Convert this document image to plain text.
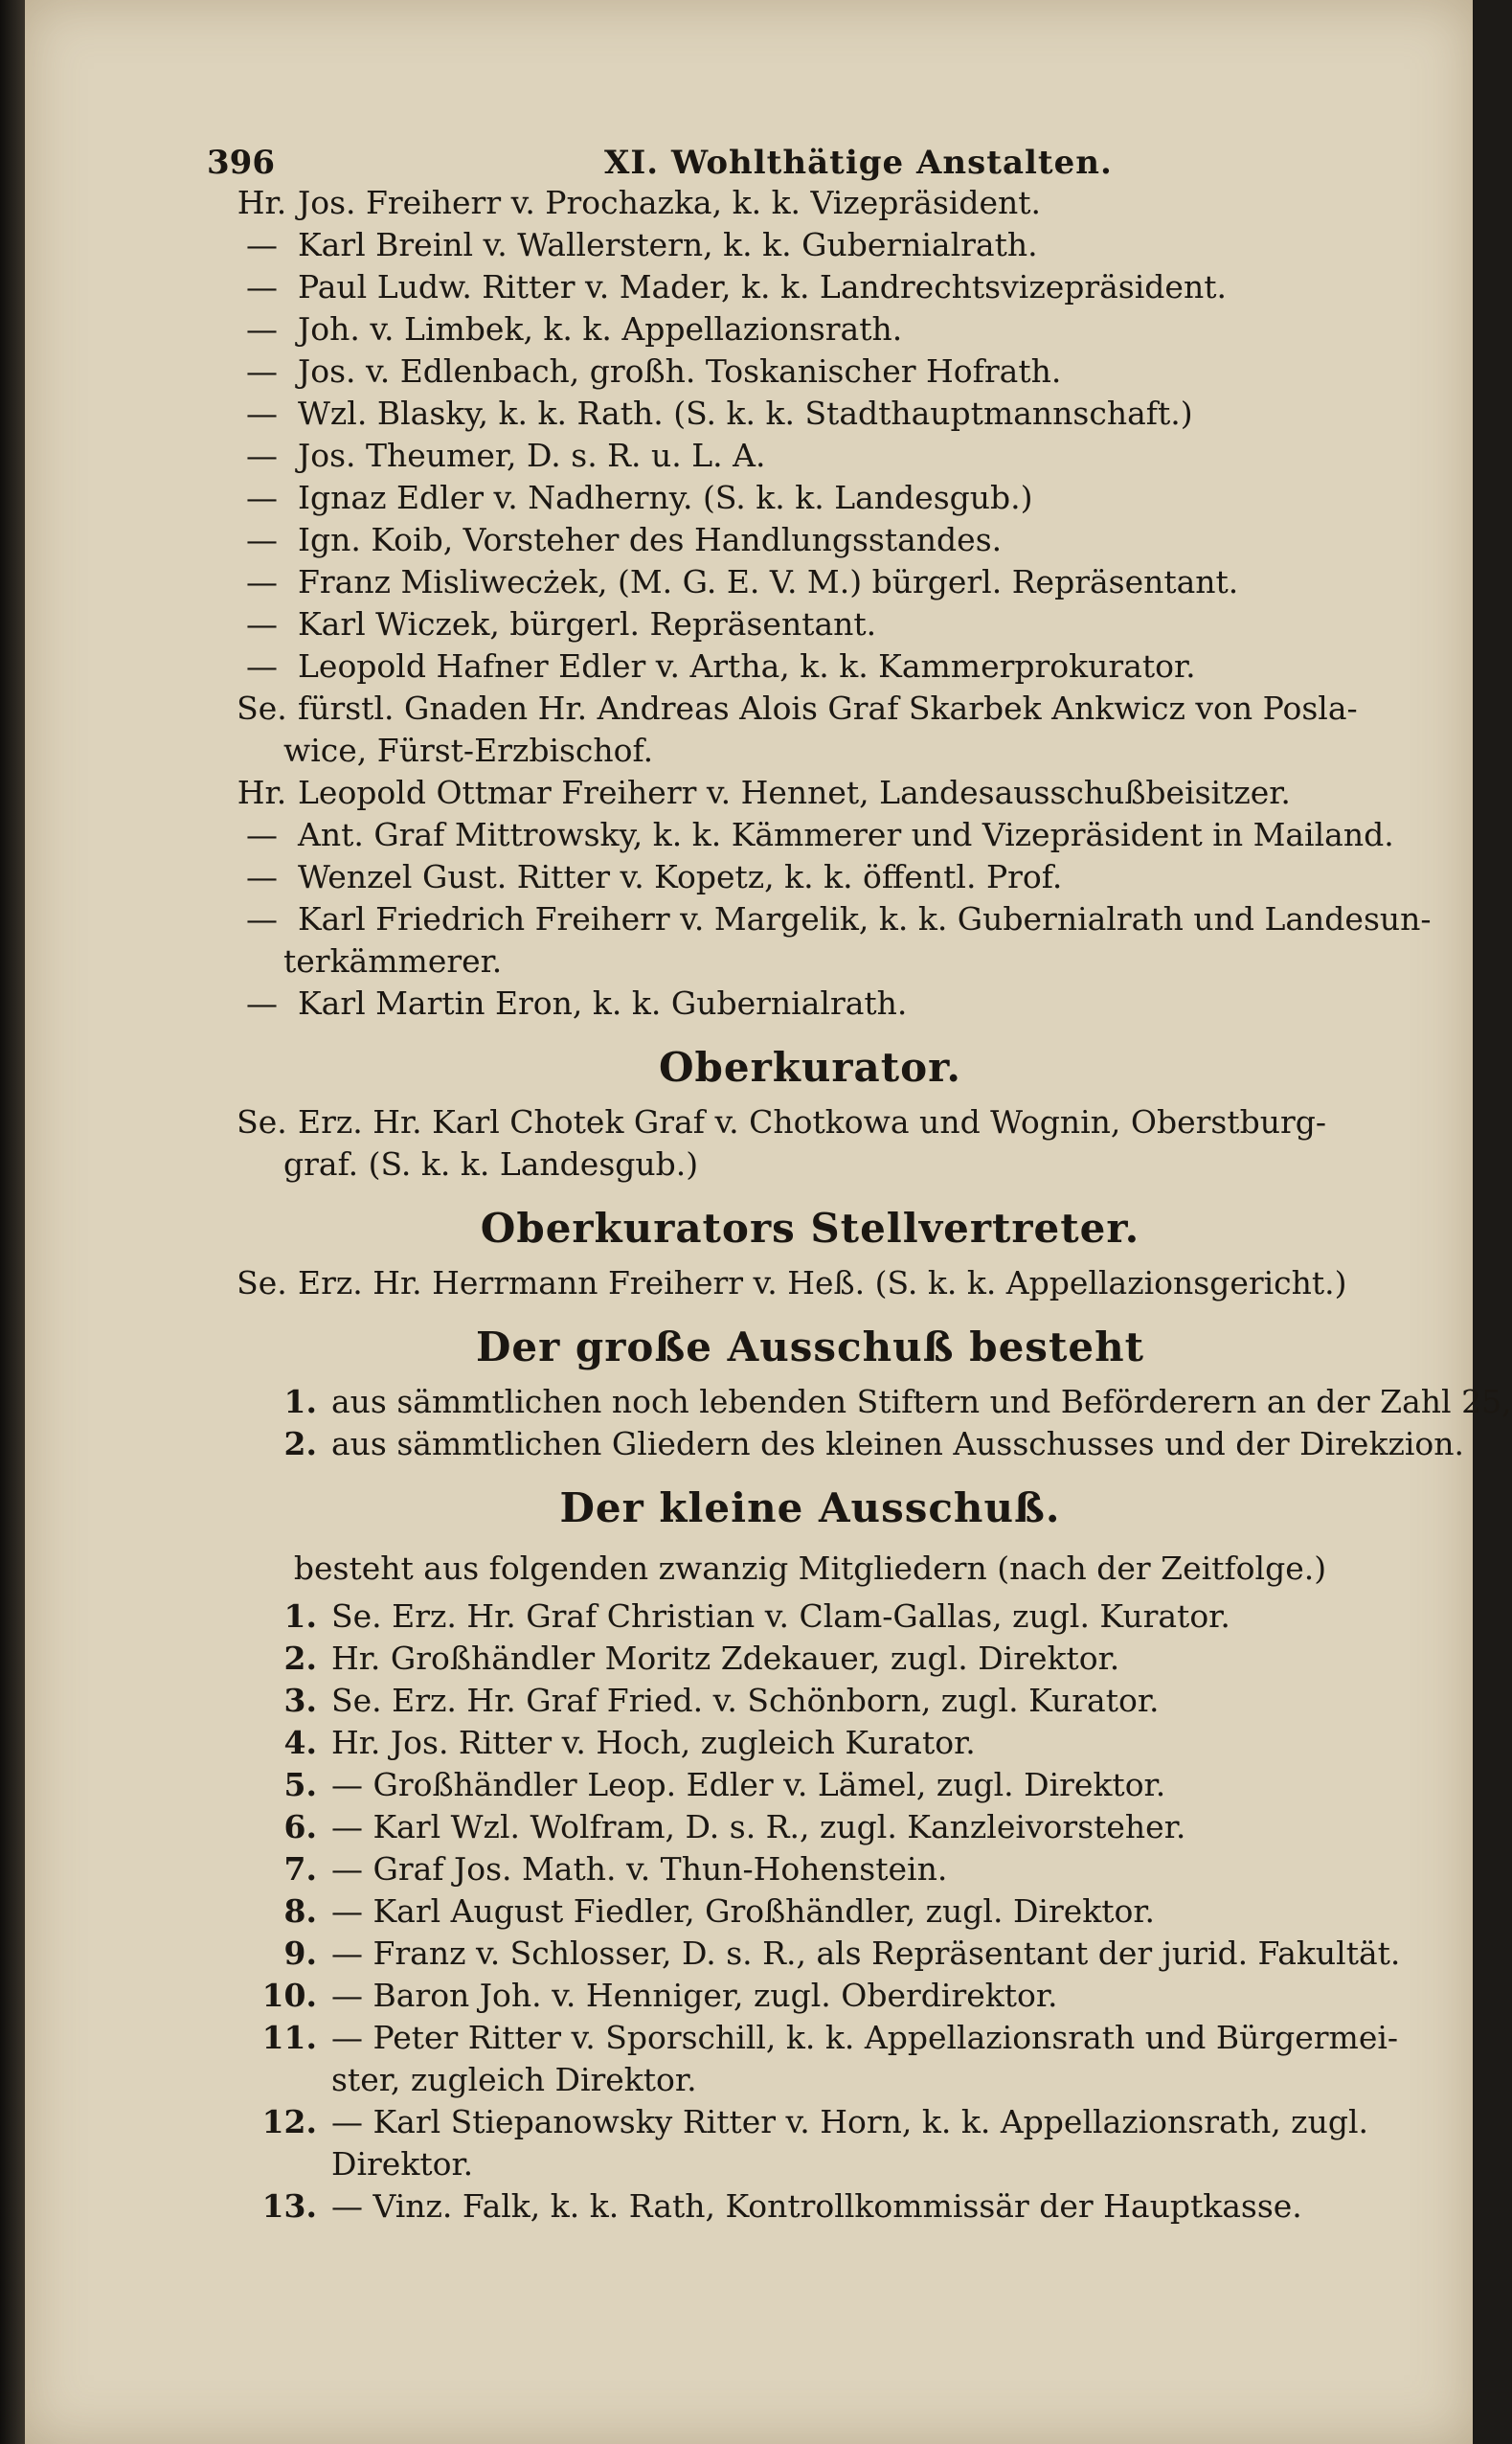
396	XI. Wohlthätige Anstalten.
Hr. Jos. Freiherr v. Prochazka, k. k. Vizepräsident.
— Karl Breinl v. Wallerstern, k. k. Gubernialrath.
— Paul Ludw. Ritter v. Mader, k. k. Landrechtsvizepräsident.
— Joh. v. Limbek, k. k. Appellazionsrath.
— Jos. v. Edlenbach, großh. Toskanischer Hofrath.
— Wzl. Blasky, k. k. Rath. (S. k. k. Stadthauptmannschaft.)
— Jos. Theumer, D. s. R. u. L. A.
— Ignaz Edler v. Nadherny. (S. k. k. Landesgub.)
— Ign. Koib, Vorsteher des Handlungsstandes.
— Franz Misliwecżek, (M. G. E. V. M.) bürgerl. Repräsentant.
— Karl Wiczek, bürgerl. Repräsentant.
— Leopold Hafner Edler v. Artha, k. k. Kammerprokurator.
Se. fürstl. Gnaden Hr. Andreas Alois Graf Skarbek Ankwicz von Posla-
wice, Fürst-Erzbischof.
Hr. Leopold Ottmar Freiherr v. Hennet, Landesausschußbeisitzer.
— Ant. Graf Mittrowsky, k. k. Kämmerer und Vizepräsident in Mailand.
— Wenzel Gust. Ritter v. Kopetz, k. k. öffentl. Prof.
— Karl Friedrich Freiherr v. Margelik, k. k. Gubernialrath und Landesun-
terkämmerer.
— Karl Martin Eron, k. k. Gubernialrath.
Oberkurator.
Se. Erz. Hr. Karl Chotek Graf v. Chotkowa und Wognin, Oberstburg-
graf. (S. k. k. Landesgub.)
Oberkurators Stellvertreter.
Se. Erz. Hr. Herrmann Freiherr v. Heß. (S. k. k. Appellazionsgericht.)
Der große Ausschuß besteht
1. aus sämmtlichen noch lebenden Stiftern und Beförderern an der Zahl 25,
2. aus sämmtlichen Gliedern des kleinen Ausschusses und der Direkzion.
Der kleine Ausschuß.
besteht aus folgenden zwanzig Mitgliedern (nach der Zeitfolge.)
1. Se. Erz. Hr. Graf Christian v. Clam-Gallas, zugl. Kurator.
2. Hr. Großhändler Moritz Zdekauer, zugl. Direktor.
3. Se. Erz. Hr. Graf Fried. v. Schönborn, zugl. Kurator.
4. Hr. Jos. Ritter v. Hoch, zugleich Kurator.
5. — Großhändler Leop. Edler v. Lämel, zugl. Direktor.
6. — Karl Wzl. Wolfram, D. s. R., zugl. Kanzleivorsteher.
7. — Graf Jos. Math. v. Thun-Hohenstein.
8. — Karl August Fiedler, Großhändler, zugl. Direktor.
9. — Franz v. Schlosser, D. s. R., als Repräsentant der jurid. Fakultät.
10. — Baron Joh. v. Henniger, zugl. Oberdirektor.
11. — Peter Ritter v. Sporschill, k. k. Appellazionsrath und Bürgermei-
ster, zugleich Direktor.
12. — Karl Stiepanowsky Ritter v. Horn, k. k. Appellazionsrath, zugl.
Direktor.
13. — Vinz. Falk, k. k. Rath, Kontrollkommissär der Hauptkasse.
